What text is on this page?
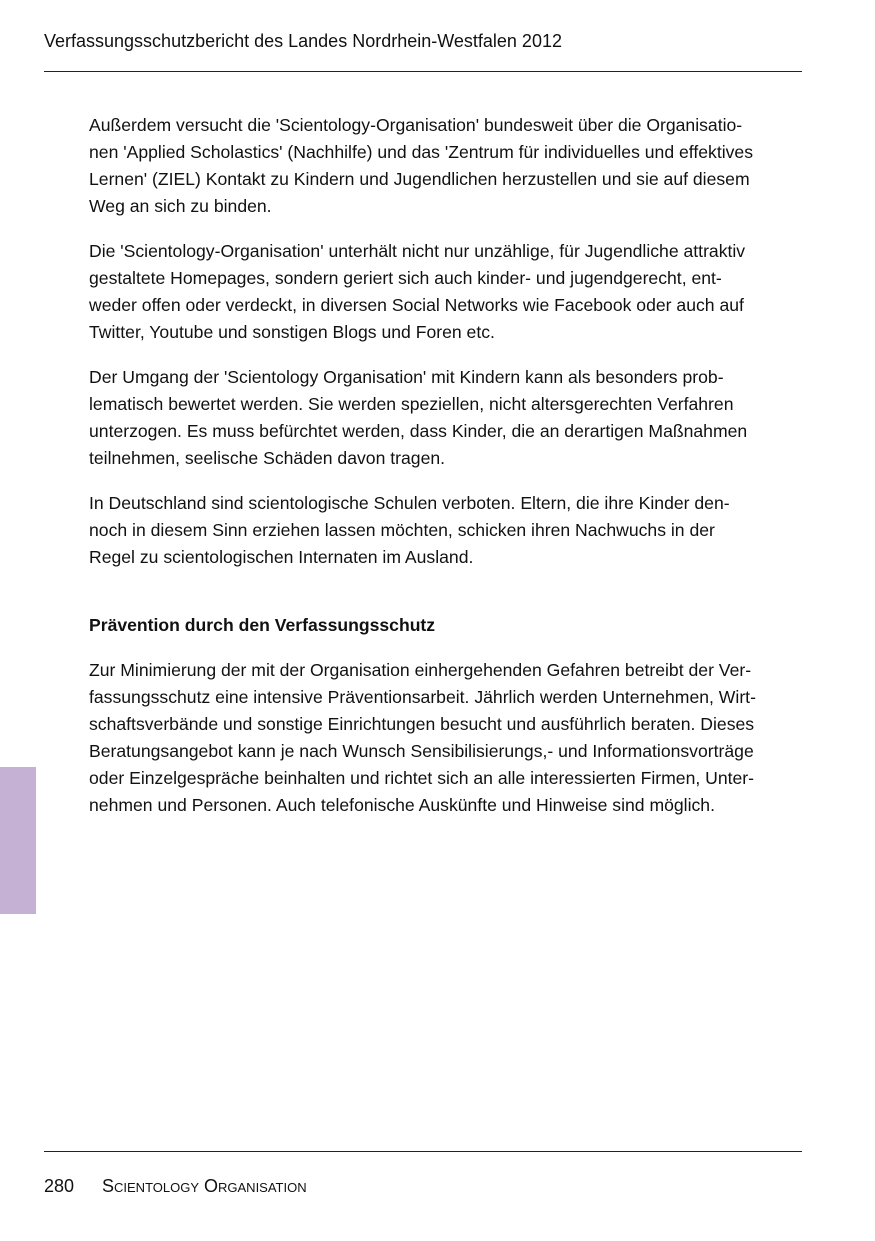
Verfassungsschutzbericht des Landes Nordrhein-Westfalen 2012

Außerdem versucht die 'Scientology-Organisation' bundesweit über die Organisatio-
nen 'Applied Scholastics' (Nachhilfe) und das 'Zentrum für individuelles und effektives
Lernen' (ZIEL) Kontakt zu Kindern und Jugendlichen herzustellen und sie auf diesem
Weg an sich zu binden.

Die 'Scientology-Organisation' unterhält nicht nur unzählige, für Jugendliche attraktiv
gestaltete Homepages, sondern geriert sich auch kinder- und jugendgerecht, ent-
weder offen oder verdeckt, in diversen Social Networks wie Facebook oder auch auf
Twitter, Youtube und sonstigen Blogs und Foren etc.

Der Umgang der 'Scientology Organisation' mit Kindern kann als besonders prob-
lematisch bewertet werden. Sie werden speziellen, nicht altersgerechten Verfahren
unterzogen. Es muss befürchtet werden, dass Kinder, die an derartigen Maßnahmen
teilnehmen, seelische Schäden davon tragen.

In Deutschland sind scientologische Schulen verboten. Eltern, die ihre Kinder den-
noch in diesem Sinn erziehen lassen möchten, schicken ihren Nachwuchs in der
Regel zu scientologischen Internaten im Ausland.

Prävention durch den Verfassungsschutz

Zur Minimierung der mit der Organisation einhergehenden Gefahren betreibt der Ver-
fassungsschutz eine intensive Präventionsarbeit. Jährlich werden Unternehmen, Wirt-
schaftsverbände und sonstige Einrichtungen besucht und ausführlich beraten. Dieses
Beratungsangebot kann je nach Wunsch Sensibilisierungs,- und Informationsvorträge
oder Einzelgespräche beinhalten und richtet sich an alle interessierten Firmen, Unter-
nehmen und Personen. Auch telefonische Auskünfte und Hinweise sind möglich.

280 Scientology Organisation
